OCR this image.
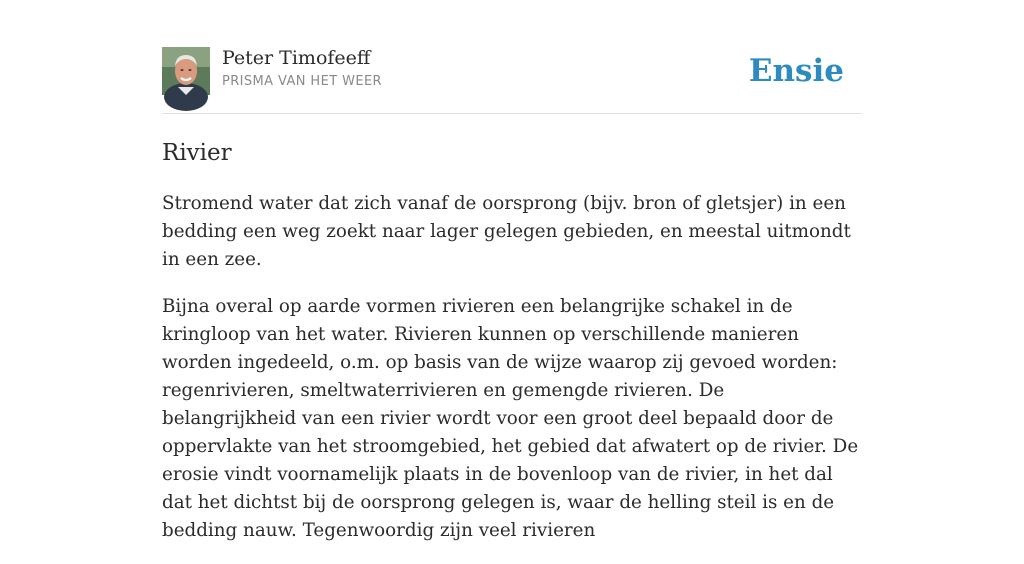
Peter Timofeeff
PRISMA VAN HET WEER	Ensie
Rivier

Stromend water dat zich vanaf de oorsprong (bijv. bron of gletsjer) in een bedding een weg zoekt naar lager gelegen gebieden, en meestal uitmondt in een zee.

Bijna overal op aarde vormen rivieren een belangrijke schakel in de kringloop van het water. Rivieren kunnen op verschillende manieren worden ingedeeld, o.m. op basis van de wijze waarop zij gevoed worden: regenrivieren, smeltwaterrivieren en gemengde rivieren. De belangrijkheid van een rivier wordt voor een groot deel bepaald door de oppervlakte van het stroomgebied, het gebied dat afwatert op de rivier. De erosie vindt voornamelijk plaats in de bovenloop van de rivier, in het dal dat het dichtst bij de oorsprong gelegen is, waar de helling steil is en de bedding nauw. Tegenwoordig zijn veel rivieren
